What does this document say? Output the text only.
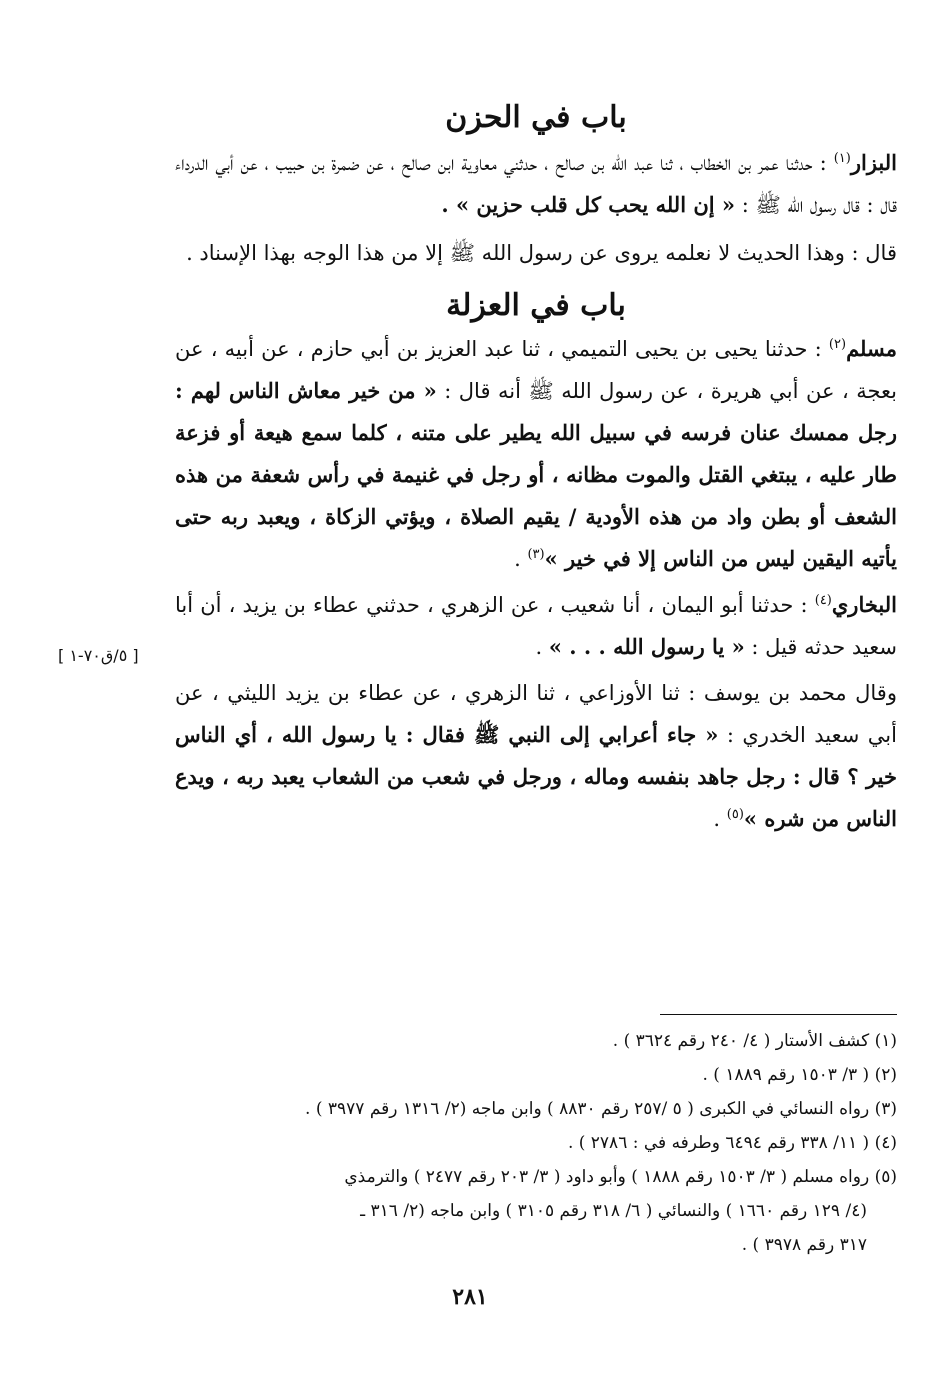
باب في الحزن

البزار$^{(١)}$ : حدثنا عمر بن الخطاب ، ثنا عبد الله بن صالح ، حدثني معاوية ابن صالح ، عن ضمرة بن حبيب ، عن أبي الدرداء قال : قال رسول الله ﷺ : « إن الله يحب كل قلب حزين » .

قال : وهذا الحديث لا نعلمه يروى عن رسول الله ﷺ إلا من هذا الوجه بهذا الإسناد .

باب في العزلة

مسلم$^{(٢)}$ : حدثنا يحيى بن يحيى التميمي ، ثنا عبد العزيز بن أبي حازم ، عن أبيه ، عن بعجة ، عن أبي هريرة ، عن رسول الله ﷺ أنه قال : « من خير معاش الناس لهم : رجل ممسك عنان فرسه في سبيل الله يطير على متنه ، كلما سمع هيعة أو فزعة طار عليه ، يبتغي القتل والموت مظانه ، أو رجل في غنيمة في رأس شعفة من هذه الشعف أو بطن واد من هذه الأودية / يقيم الصلاة ، ويؤتي الزكاة ، ويعبد ربه حتى يأتيه اليقين ليس من الناس إلا في خير »$^{(٣)}$ .

البخاري$^{(٤)}$ : حدثنا أبو اليمان ، أنا شعيب ، عن الزهري ، حدثني عطاء بن يزيد ، أن أبا سعيد حدثه قيل : « يا رسول الله . . . » .

وقال محمد بن يوسف : ثنا الأوزاعي ، ثنا الزهري ، عن عطاء بن يزيد الليثي ، عن أبي سعيد الخدري : « جاء أعرابي إلى النبي ﷺ فقال : يا رسول الله ، أي الناس خير ؟ قال : رجل جاهد بنفسه وماله ، ورجل في شعب من الشعاب يعبد ربه ، ويدع الناس من شره »$^{(٥)}$ .

[ ٥/ق٧٠-١ ]

(١) كشف الأستار ( ٤/ ٢٤٠ رقم ٣٦٢٤ ) .

(٢) ( ٣/ ١٥٠٣ رقم ١٨٨٩ ) .

(٣) رواه النسائي في الكبرى ( ٥ /٢٥٧ رقم ٨٨٣٠ ) وابن ماجه (٢/ ١٣١٦ رقم ٣٩٧٧ ) .

(٤) ( ١١/ ٣٣٨ رقم ٦٤٩٤ وطرفه في : ٢٧٨٦ ) .

(٥) رواه مسلم ( ٣/ ١٥٠٣ رقم ١٨٨٨ ) وأبو داود ( ٣/ ٢٠٣ رقم ٢٤٧٧ ) والترمذي

(٤/ ١٢٩ رقم ١٦٦٠ ) والنسائي ( ٦/ ٣١٨ رقم ٣١٠٥ ) وابن ماجه (٢/ ٣١٦ ـ

٣١٧ رقم ٣٩٧٨ ) .

٢٨١
